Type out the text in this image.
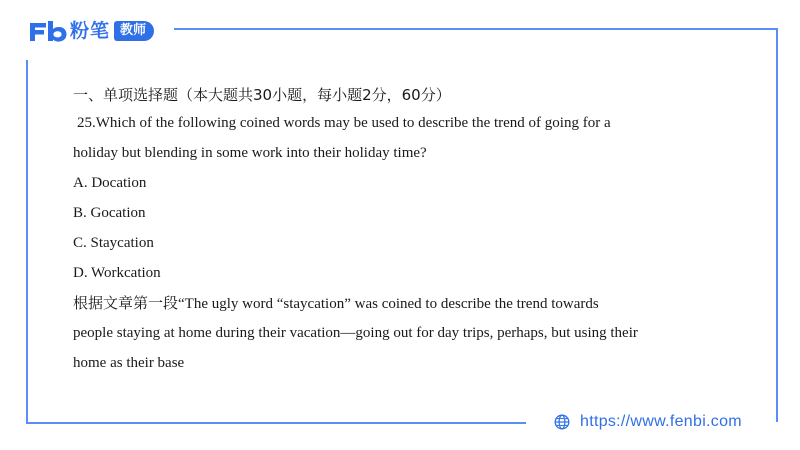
粉笔 教师
一、单项选择题（本大题共30小题，每小题2分，60分）
25.Which of the following coined words may be used to describe the trend of going for a
holiday but blending in some work into their holiday time?
A. Docation
B. Gocation
C. Staycation
D. Workcation
根据文章第一段“The ugly word “staycation” was coined to describe the trend towards
people staying at home during their vacation—going out for day trips, perhaps, but using their
home as their base
https://www.fenbi.com
